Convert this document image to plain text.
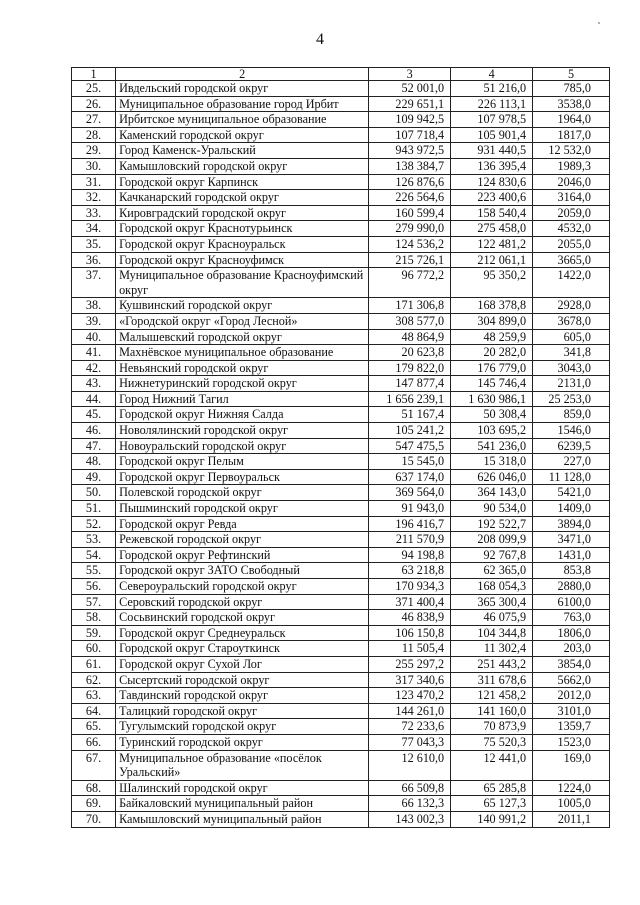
4
1	2	3	4	5
25.	Ивдельский городской округ	52 001,0	51 216,0	785,0
26.	Муниципальное образование город Ирбит	229 651,1	226 113,1	3538,0
27.	Ирбитское муниципальное образование	109 942,5	107 978,5	1964,0
28.	Каменский городской округ	107 718,4	105 901,4	1817,0
29.	Город Каменск-Уральский	943 972,5	931 440,5	12 532,0
30.	Камышловский городской округ	138 384,7	136 395,4	1989,3
31.	Городской округ Карпинск	126 876,6	124 830,6	2046,0
32.	Качканарский городской округ	226 564,6	223 400,6	3164,0
33.	Кировградский городской округ	160 599,4	158 540,4	2059,0
34.	Городской округ Краснотурьинск	279 990,0	275 458,0	4532,0
35.	Городской округ Красноуральск	124 536,2	122 481,2	2055,0
36.	Городской округ Красноуфимск	215 726,1	212 061,1	3665,0
37.	Муниципальное образование Красноуфимский округ	96 772,2	95 350,2	1422,0
38.	Кушвинский городской округ	171 306,8	168 378,8	2928,0
39.	«Городской округ «Город Лесной»	308 577,0	304 899,0	3678,0
40.	Малышевский городской округ	48 864,9	48 259,9	605,0
41.	Махнёвское муниципальное образование	20 623,8	20 282,0	341,8
42.	Невьянский городской округ	179 822,0	176 779,0	3043,0
43.	Нижнетуринский городской округ	147 877,4	145 746,4	2131,0
44.	Город Нижний Тагил	1 656 239,1	1 630 986,1	25 253,0
45.	Городской округ Нижняя Салда	51 167,4	50 308,4	859,0
46.	Новолялинский городской округ	105 241,2	103 695,2	1546,0
47.	Новоуральский городской округ	547 475,5	541 236,0	6239,5
48.	Городской округ Пелым	15 545,0	15 318,0	227,0
49.	Городской округ Первоуральск	637 174,0	626 046,0	11 128,0
50.	Полевской городской округ	369 564,0	364 143,0	5421,0
51.	Пышминский городской округ	91 943,0	90 534,0	1409,0
52.	Городской округ Ревда	196 416,7	192 522,7	3894,0
53.	Режевской городской округ	211 570,9	208 099,9	3471,0
54.	Городской округ Рефтинский	94 198,8	92 767,8	1431,0
55.	Городской округ ЗАТО Свободный	63 218,8	62 365,0	853,8
56.	Североуральский городской округ	170 934,3	168 054,3	2880,0
57.	Серовский городской округ	371 400,4	365 300,4	6100,0
58.	Сосьвинский городской округ	46 838,9	46 075,9	763,0
59.	Городской округ Среднеуральск	106 150,8	104 344,8	1806,0
60.	Городской округ Староуткинск	11 505,4	11 302,4	203,0
61.	Городской округ Сухой Лог	255 297,2	251 443,2	3854,0
62.	Сысертский городской округ	317 340,6	311 678,6	5662,0
63.	Тавдинский городской округ	123 470,2	121 458,2	2012,0
64.	Талицкий городской округ	144 261,0	141 160,0	3101,0
65.	Тугулымский городской округ	72 233,6	70 873,9	1359,7
66.	Туринский городской округ	77 043,3	75 520,3	1523,0
67.	Муниципальное образование «посёлок Уральский»	12 610,0	12 441,0	169,0
68.	Шалинский городской округ	66 509,8	65 285,8	1224,0
69.	Байкаловский муниципальный район	66 132,3	65 127,3	1005,0
70.	Камышловский муниципальный район	143 002,3	140 991,2	2011,1
